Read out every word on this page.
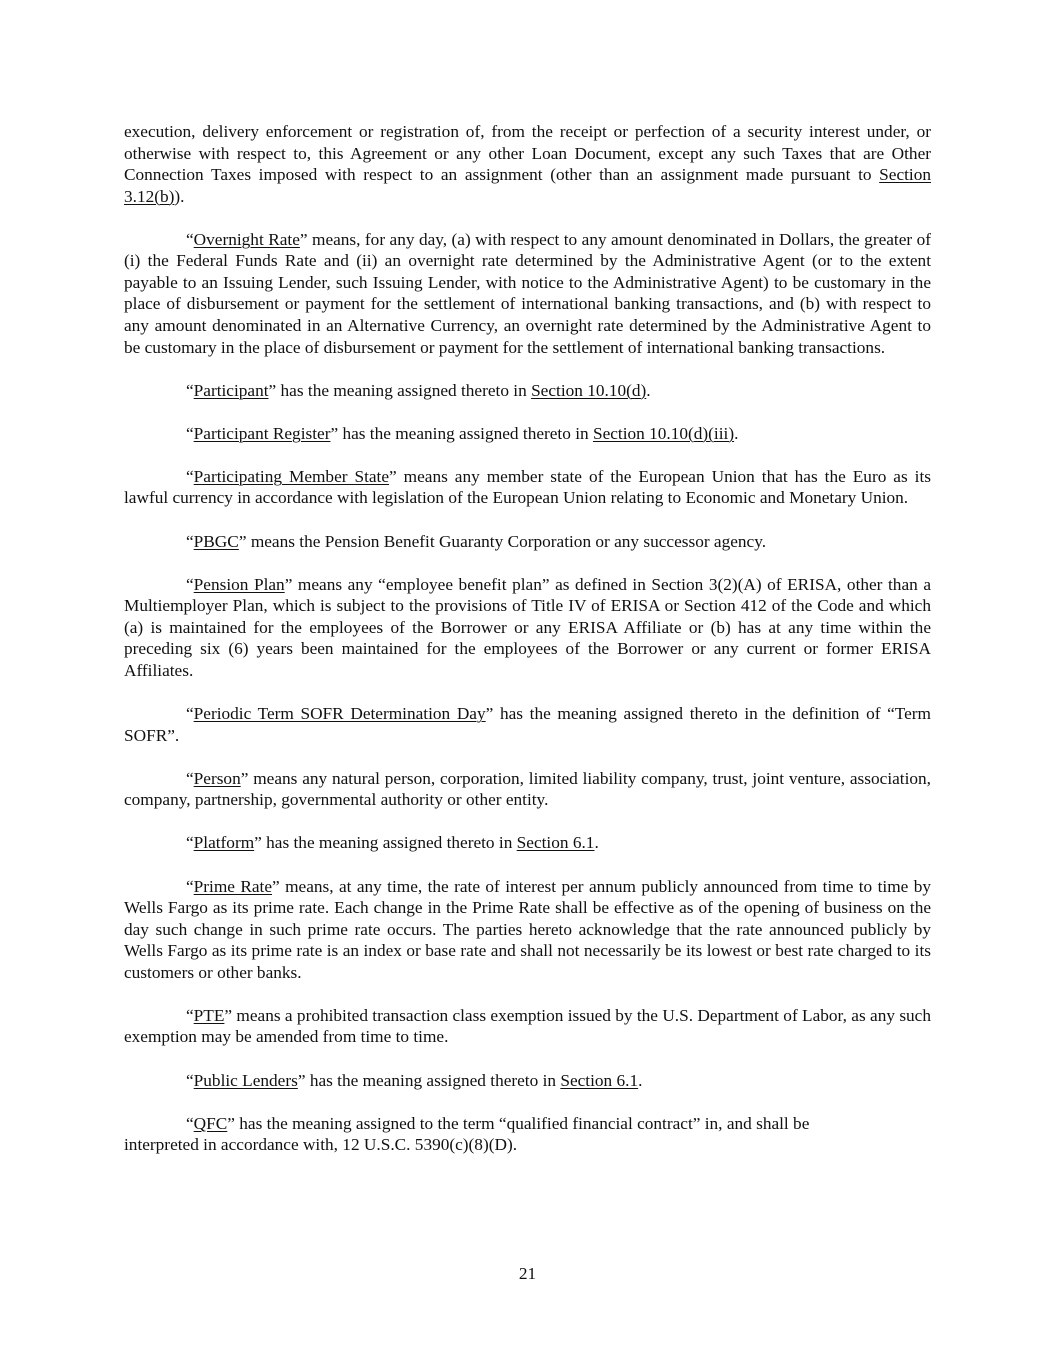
execution, delivery enforcement or registration of, from the receipt or perfection of a security interest under, or otherwise with respect to, this Agreement or any other Loan Document, except any such Taxes that are Other Connection Taxes imposed with respect to an assignment (other than an assignment made pursuant to Section 3.12(b)).

“Overnight Rate” means, for any day, (a) with respect to any amount denominated in Dollars, the greater of (i) the Federal Funds Rate and (ii) an overnight rate determined by the Administrative Agent (or to the extent payable to an Issuing Lender, such Issuing Lender, with notice to the Administrative Agent) to be customary in the place of disbursement or payment for the settlement of international banking transactions, and (b) with respect to any amount denominated in an Alternative Currency, an overnight rate determined by the Administrative Agent to be customary in the place of disbursement or payment for the settlement of international banking transactions.

“Participant” has the meaning assigned thereto in Section 10.10(d).

“Participant Register” has the meaning assigned thereto in Section 10.10(d)(iii).

“Participating Member State” means any member state of the European Union that has the Euro as its lawful currency in accordance with legislation of the European Union relating to Economic and Monetary Union.

“PBGC” means the Pension Benefit Guaranty Corporation or any successor agency.

“Pension Plan” means any “employee benefit plan” as defined in Section 3(2)(A) of ERISA, other than a Multiemployer Plan, which is subject to the provisions of Title IV of ERISA or Section 412 of the Code and which (a) is maintained for the employees of the Borrower or any ERISA Affiliate or (b) has at any time within the preceding six (6) years been maintained for the employees of the Borrower or any current or former ERISA Affiliates.

“Periodic Term SOFR Determination Day” has the meaning assigned thereto in the definition of “Term SOFR”.

“Person” means any natural person, corporation, limited liability company, trust, joint venture, association, company, partnership, governmental authority or other entity.

“Platform” has the meaning assigned thereto in Section 6.1.

“Prime Rate” means, at any time, the rate of interest per annum publicly announced from time to time by Wells Fargo as its prime rate. Each change in the Prime Rate shall be effective as of the opening of business on the day such change in such prime rate occurs. The parties hereto acknowledge that the rate announced publicly by Wells Fargo as its prime rate is an index or base rate and shall not necessarily be its lowest or best rate charged to its customers or other banks.

“PTE” means a prohibited transaction class exemption issued by the U.S. Department of Labor, as any such exemption may be amended from time to time.

“Public Lenders” has the meaning assigned thereto in Section 6.1.

“QFC” has the meaning assigned to the term “qualified financial contract” in, and shall be
interpreted in accordance with, 12 U.S.C. 5390(c)(8)(D).

21
